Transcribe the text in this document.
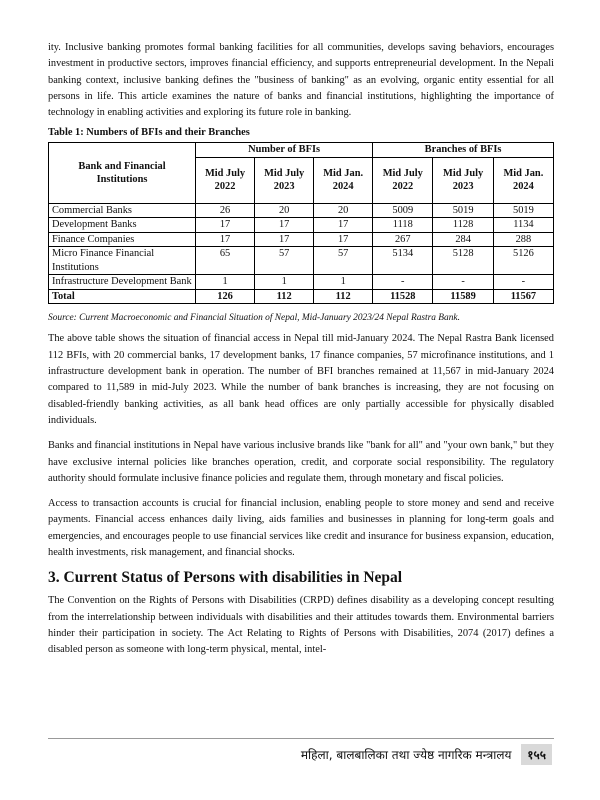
ity. Inclusive banking promotes formal banking facilities for all communities, develops saving behaviors, encourages investment in productive sectors, improves financial efficiency, and supports entrepreneurial development. In the Nepali banking context, inclusive banking defines the "business of banking" as an evolving, organic entity essential for all persons in life. This article examines the nature of banks and financial institutions, highlighting the importance of technology in enabling activities and exploring its future role in banking.

Table 1: Numbers of BFIs and their Branches
Bank and Financial Institutions	Number of BFIs			Branches of BFIs		
	Mid July 2022	Mid July 2023	Mid Jan. 2024	Mid July 2022	Mid July 2023	Mid Jan. 2024
Commercial Banks	26	20	20	5009	5019	5019
Development Banks	17	17	17	1118	1128	1134
Finance Companies	17	17	17	267	284	288
Micro Finance Financial Institutions	65	57	57	5134	5128	5126
Infrastructure Development Bank	1	1	1	-	-	-
Total	126	112	112	11528	11589	11567
Source: Current Macroeconomic and Financial Situation of Nepal, Mid-January 2023/24 Nepal Rastra Bank.

The above table shows the situation of financial access in Nepal till mid-January 2024. The Nepal Rastra Bank licensed 112 BFIs, with 20 commercial banks, 17 development banks, 17 finance companies, 57 microfinance institutions, and 1 infrastructure development bank in operation. The number of BFI branches remained at 11,567 in mid-January 2024 compared to 11,589 in mid-July 2023. While the number of bank branches is increasing, they are not focusing on disabled-friendly banking activities, as all bank head offices are only partially accessible for physically disabled individuals.

Banks and financial institutions in Nepal have various inclusive brands like "bank for all" and "your own bank," but they have exclusive internal policies like branches operation, credit, and corporate social responsibility. The regulatory authority should formulate inclusive finance policies and regulate them, through monetary and fiscal policies.

Access to transaction accounts is crucial for financial inclusion, enabling people to store money and send and receive payments. Financial access enhances daily living, aids families and businesses in planning for long-term goals and emergencies, and encourages people to use financial services like credit and insurance for business expansion, education, health investments, risk management, and financial shocks.

3. Current Status of Persons with disabilities in Nepal

The Convention on the Rights of Persons with Disabilities (CRPD) defines disability as a developing concept resulting from the interrelationship between individuals with disabilities and their attitudes towards them. Environmental barriers hinder their participation in society. The Act Relating to Rights of Persons with Disabilities, 2074 (2017) defines a disabled person as someone with long-term physical, mental, intel-

महिला, बालबालिका तथा ज्येष्ठ नागरिक मन्त्रालय १५५
